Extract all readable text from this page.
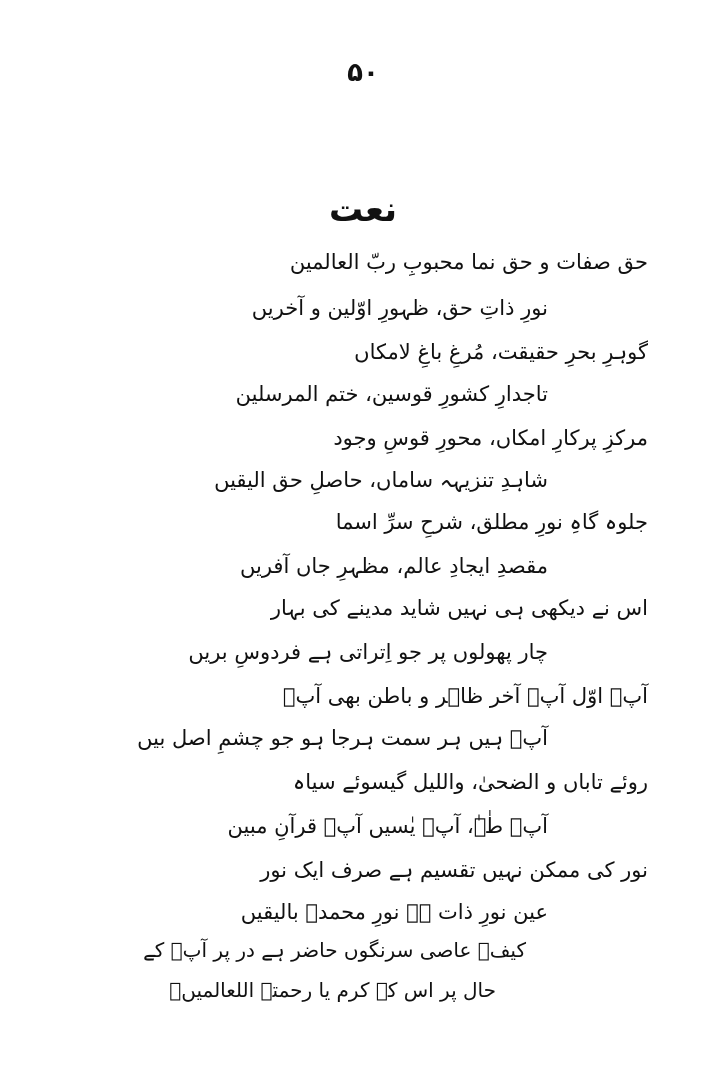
۵۰
نعت
حق صفات و حق نما محبوبِ ربّ العالمین
نورِ ذاتِ حق، ظہورِ اوّلین و آخریں
گوہرِ بحرِ حقیقت، مُرغِ باغِ لامکاں
تاجدارِ کشورِ قوسین، ختم المرسلین
مرکزِ پرکارِ امکاں، محورِ قوسِ وجود
شاہدِ تنزیہہ ساماں، حاصلِ حق الیقیں
جلوہ گاہِ نورِ مطلق، شرحِ سرِّ اسما
مقصدِ ایجادِ عالم، مظہرِ جاں آفریں
اس نے دیکھی ہی نہیں شاید مدینے کی بہار
چار پھولوں پر جو اِتراتی ہے فردوسِ بریں
آپؐ اوّل آپؐ آخر ظاہر و باطن بھی آپؐ
آپؐ ہیں ہر سمت ہرجا ہو جو چشمِ اصل بیں
روئے تاباں و الضحیٰ، واللیل گیسوئے سیاہ
آپؐ طٰہٰ، آپؐ یٰسیں آپؐ قرآنِ مبین
نور کی ممکن نہیں تقسیم ہے صرف ایک نور
عین نورِ ذات ہے نورِ محمدؐ بالیقیں
کیفؔ عاصی سرنگوں حاضر ہے در پر آپؐ کے
حال پر اس کے کرم یا رحمتہ اللعالمیںؐ
